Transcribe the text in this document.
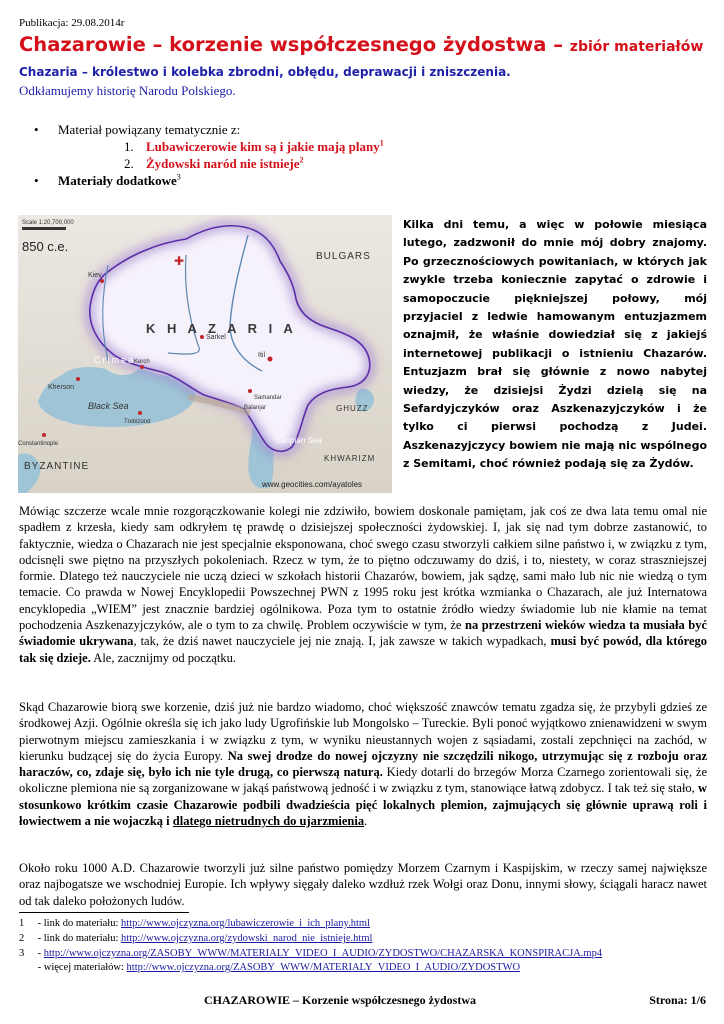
Publikacja: 29.08.2014r
Chazarowie – korzenie współczesnego żydostwa – zbiór materiałów
Chazaria – królestwo i kolebka zbrodni, obłędu, deprawacji i zniszczenia.
Odkłamujemy historię Narodu Polskiego.
• Materiał powiązany tematycznie z:
1. Lubawiczerowie kim są i jakie mają plany$^1$
2. Żydowski naród nie istnieje$^2$
• Materiały dodatkowe$^3$
Scale 1:20,700,000
850 c.e.
✚	BULGARS
Kiev
Crimea
Kerch
Sarkel
Itil
Samandar
Balanjar
Kherson
Constantinople
Trebizond
GHUZZ
KHWARIZM
BYZANTINE
Black Sea
Caspian Sea
K H A Z A R I A
www.geocities.com/ayatoles
Kilka dni temu, a więc w połowie miesiąca lutego, zadzwonił do mnie mój dobry znajomy. Po grzecznościowych powitaniach, w których jak zwykle trzeba koniecznie zapytać o zdrowie i samopoczucie piękniejszej połowy, mój przyjaciel z ledwie hamowanym entuzjazmem oznajmił, że właśnie dowiedział się z jakiejś internetowej publikacji o istnieniu Chazarów. Entuzjazm brał się głównie z nowo nabytej wiedzy, że dzisiejsi Żydzi dzielą się na Sefardyjczyków oraz Aszkenazyjczyków i że tylko ci pierwsi pochodzą z Judei. Aszkenazyjczycy bowiem nie mają nic wspólnego z Semitami, choć również podają się za Żydów.

Mówiąc szczerze wcale mnie rozgorączkowanie kolegi nie zdziwiło, bowiem doskonale pamiętam, jak coś ze dwa lata temu omal nie spadłem z krzesła, kiedy sam odkryłem tę prawdę o dzisiejszej społeczności żydowskiej. I, jak się nad tym dobrze zastanowić, to faktycznie, wiedza o Chazarach nie jest specjalnie eksponowana, choć swego czasu stworzyli całkiem silne państwo i, w związku z tym, odcisnęli swe piętno na przyszłych pokoleniach. Rzecz w tym, że to piętno odczuwamy do dziś, i to, niestety, w coraz straszniejszej formie. Dlatego też nauczyciele nie uczą dzieci w szkołach historii Chazarów, bowiem, jak sądzę, sami mało lub nic nie wiedzą o tym temacie. Co prawda w Nowej Encyklopedii Powszechnej PWN z 1995 roku jest krótka wzmianka o Chazarach, ale już Internatowa encyklopedia „WIEM” jest znacznie bardziej ogólnikowa. Poza tym to ostatnie źródło wiedzy świadomie lub nie kłamie na temat pochodzenia Aszkenazyjczyków, ale o tym to za chwilę. Problem oczywiście w tym, że na przestrzeni wieków wiedza ta musiała być świadomie ukrywana, tak, że dziś nawet nauczyciele jej nie znają. I, jak zawsze w takich wypadkach, musi być powód, dla którego tak się dzieje. Ale, zacznijmy od początku.

Skąd Chazarowie biorą swe korzenie, dziś już nie bardzo wiadomo, choć większość znawców tematu zgadza się, że przybyli gdzieś ze środkowej Azji. Ogólnie określa się ich jako ludy Ugrofińskie lub Mongolsko – Tureckie. Byli ponoć wyjątkowo znienawidzeni w swym pierwotnym miejscu zamieszkania i w związku z tym, w wyniku nieustannych wojen z sąsiadami, zostali zepchnięci na zachód, w kierunku budzącej się do życia Europy. Na swej drodze do nowej ojczyzny nie szczędzili nikogo, utrzymując się z rozboju oraz haraczów, co, zdaje się, było ich nie tyle drugą, co pierwszą naturą. Kiedy dotarli do brzegów Morza Czarnego zorientowali się, że okoliczne plemiona nie są zorganizowane w jakąś państwową jedność i w związku z tym, stanowiące łatwą zdobycz. I tak też się stało, w stosunkowo krótkim czasie Chazarowie podbili dwadzieścia pięć lokalnych plemion, zajmujących się głównie uprawą roli i łowiectwem a nie wojaczką i dlatego nietrudnych do ujarzmienia.

Około roku 1000 A.D. Chazarowie tworzyli już silne państwo pomiędzy Morzem Czarnym i Kaspijskim, w rzeczy samej największe oraz najbogatsze we wschodniej Europie. Ich wpływy sięgały daleko wzdłuż rzek Wołgi oraz Donu, innymi słowy, ściągali haracz nawet od tak daleko położonych ludów.

1 - link do materiału: http://www.ojczyzna.org/lubawiczerowie_i_ich_plany.html
2 - link do materiału: http://www.ojczyzna.org/zydowski_narod_nie_istnieje.html
3 - http://www.ojczyzna.org/ZASOBY_WWW/MATERIALY_VIDEO_I_AUDIO/ZYDOSTWO/CHAZARSKA_KONSPIRACJA.mp4
- więcej materiałów: http://www.ojczyzna.org/ZASOBY_WWW/MATERIALY_VIDEO_I_AUDIO/ZYDOSTWO
CHAZAROWIE – Korzenie współczesnego żydostwa	Strona: 1/6
